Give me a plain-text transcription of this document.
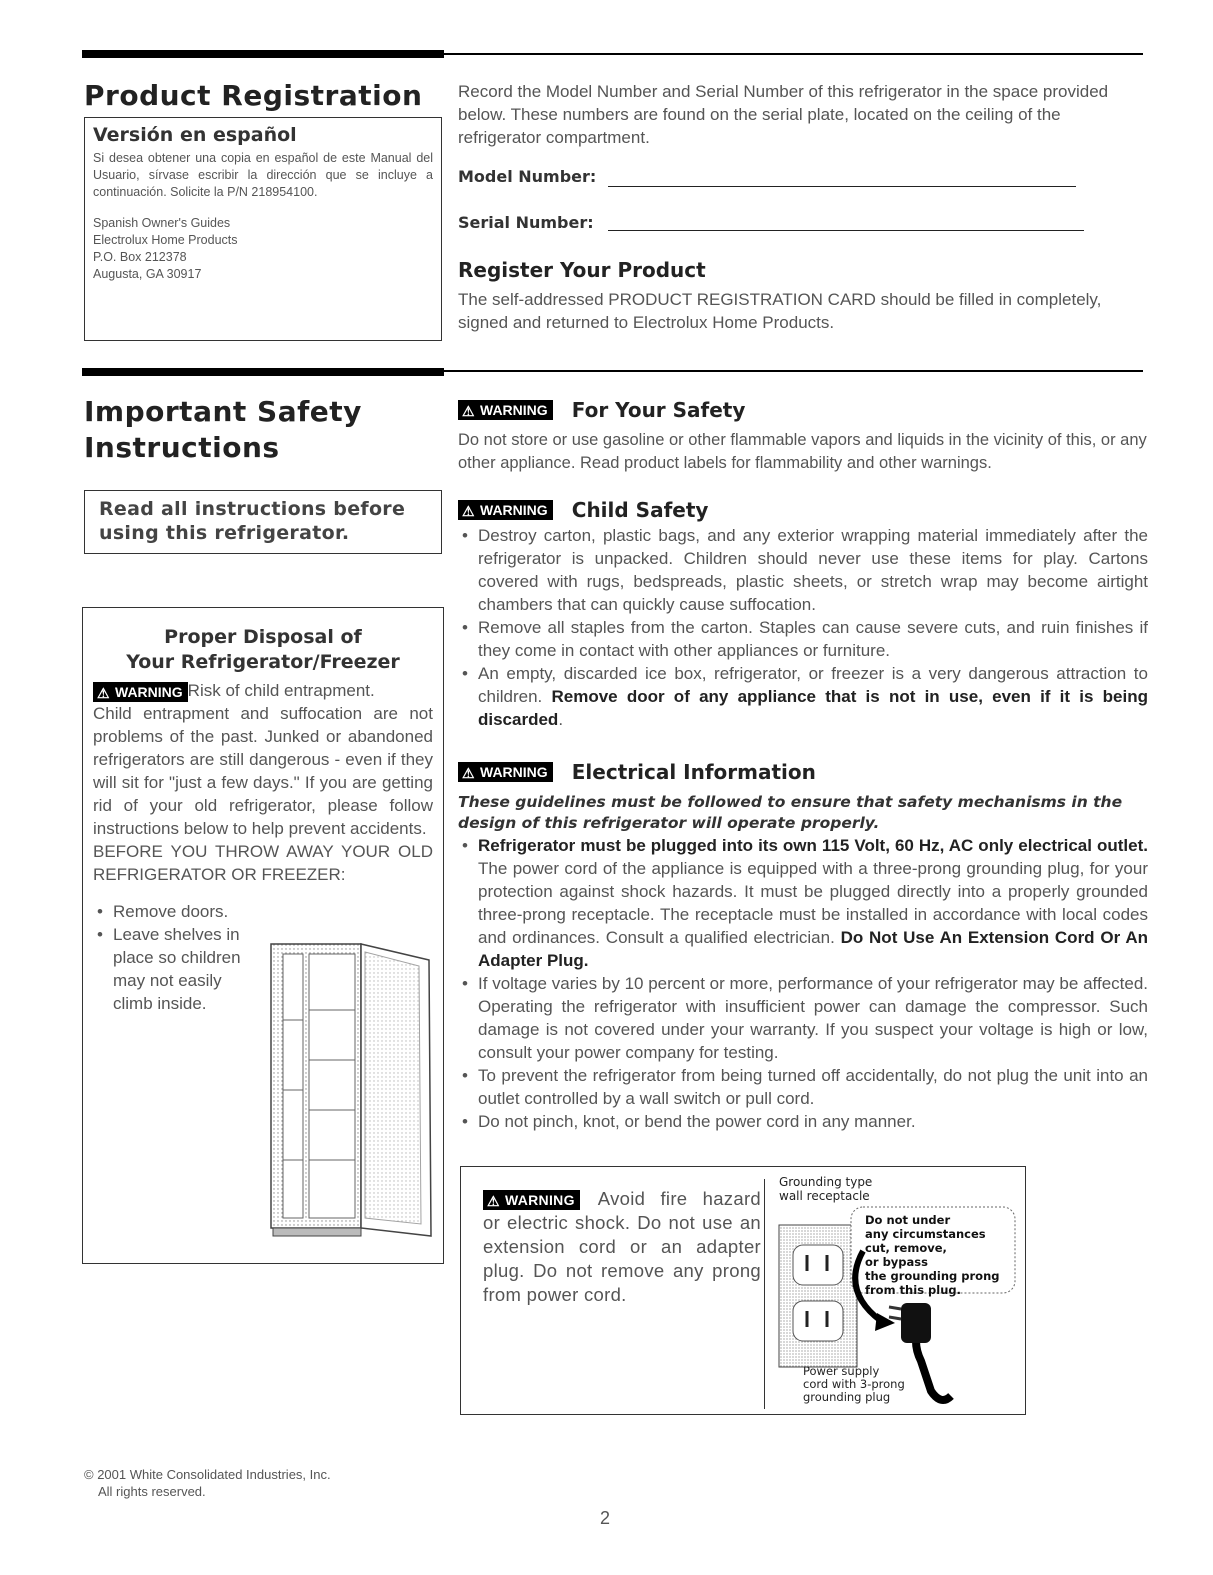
Product Registration
Versión en español
Si desea obtener una copia en español de este Manual del Usuario, sírvase escribir la dirección que se incluye a continuación. Solicite la P/N 218954100.
Spanish Owner's Guides
Electrolux Home Products
P.O. Box 212378
Augusta, GA 30917
Record the Model Number and Serial Number of this refrigerator in the space provided below. These numbers are found on the serial plate, located on the ceiling of the refrigerator compartment.
Model Number:
Serial Number:
Register Your Product
The self-addressed PRODUCT REGISTRATION CARD should be filled in completely, signed and returned to Electrolux Home Products.
Important Safety
Instructions
Read all instructions before using this refrigerator.
Proper Disposal of
Your Refrigerator/Freezer
⚠ WARNING Risk of child entrapment.
Child entrapment and suffocation are not problems of the past. Junked or abandoned refrigerators are still dangerous - even if they will sit for "just a few days." If you are getting rid of your old refrigerator, please follow instructions below to help prevent accidents.
BEFORE YOU THROW AWAY YOUR OLD REFRIGERATOR OR FREEZER:
• Remove doors.
• Leave shelves in place so children may not easily climb inside.
⚠ WARNING For Your Safety
Do not store or use gasoline or other flammable vapors and liquids in the vicinity of this, or any other appliance. Read product labels for flammability and other warnings.
⚠ WARNING Child Safety
• Destroy carton, plastic bags, and any exterior wrapping material immediately after the refrigerator is unpacked. Children should never use these items for play. Cartons covered with rugs, bedspreads, plastic sheets, or stretch wrap may become airtight chambers that can quickly cause suffocation.
• Remove all staples from the carton. Staples can cause severe cuts, and ruin finishes if they come in contact with other appliances or furniture.
• An empty, discarded ice box, refrigerator, or freezer is a very dangerous attraction to children. Remove door of any appliance that is not in use, even if it is being discarded.
⚠ WARNING Electrical Information
These guidelines must be followed to ensure that safety mechanisms in the design of this refrigerator will operate properly.
• Refrigerator must be plugged into its own 115 Volt, 60 Hz, AC only electrical outlet. The power cord of the appliance is equipped with a three-prong grounding plug, for your protection against shock hazards. It must be plugged directly into a properly grounded three-prong receptacle. The receptacle must be installed in accordance with local codes and ordinances. Consult a qualified electrician. Do Not Use An Extension Cord Or An Adapter Plug.
• If voltage varies by 10 percent or more, performance of your refrigerator may be affected. Operating the refrigerator with insufficient power can damage the compressor. Such damage is not covered under your warranty. If you suspect your voltage is high or low, consult your power company for testing.
• To prevent the refrigerator from being turned off accidentally, do not plug the unit into an outlet controlled by a wall switch or pull cord.
• Do not pinch, knot, or bend the power cord in any manner.
⚠ WARNING Avoid fire hazard or electric shock. Do not use an extension cord or an adapter plug. Do not remove any prong from power cord.
Grounding type
wall receptacle
Do not under
any circumstances
cut, remove,
or bypass
the grounding prong
from this plug.
Power supply
cord with 3-prong
grounding plug
© 2001 White Consolidated Industries, Inc.
All rights reserved.
2
